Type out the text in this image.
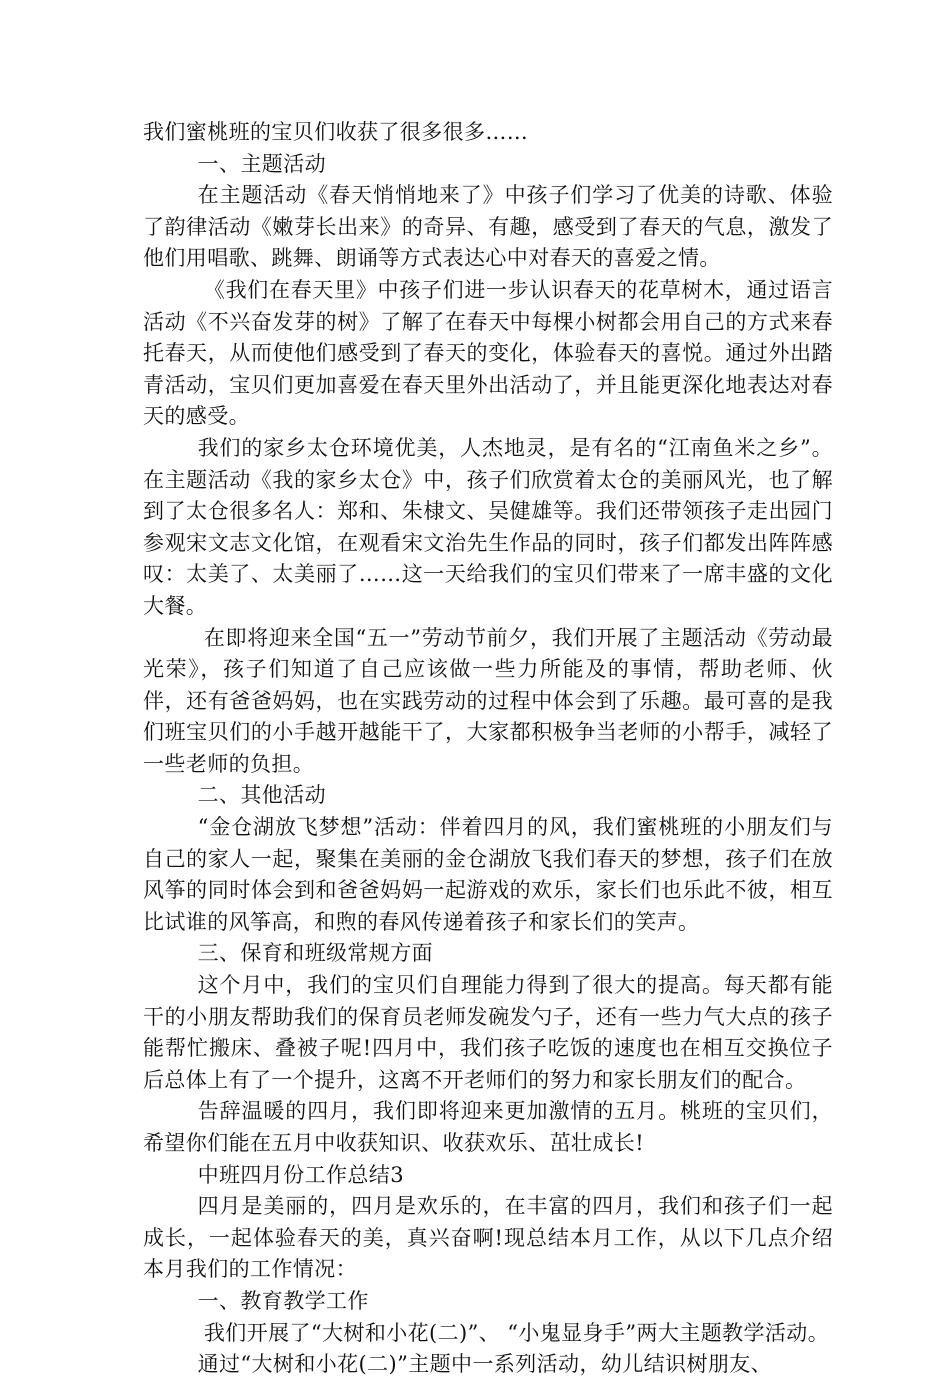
我们蜜桃班的宝贝们收获了很多很多……

一、主题活动

在主题活动《春天悄悄地来了》中孩子们学习了优美的诗歌、体验了韵律活动《嫩芽长出来》的奇异、有趣，感受到了春天的气息，激发了他们用唱歌、跳舞、朗诵等方式表达心中对春天的喜爱之情。

《我们在春天里》中孩子们进一步认识春天的花草树木，通过语言活动《不兴奋发芽的树》了解了在春天中每棵小树都会用自己的方式来春托春天，从而使他们感受到了春天的变化，体验春天的喜悦。通过外出踏青活动，宝贝们更加喜爱在春天里外出活动了，并且能更深化地表达对春天的感受。

我们的家乡太仓环境优美，人杰地灵，是有名的“江南鱼米之乡”。在主题活动《我的家乡太仓》中，孩子们欣赏着太仓的美丽风光，也了解到了太仓很多名人：郑和、朱棣文、吴健雄等。我们还带领孩子走出园门参观宋文志文化馆，在观看宋文治先生作品的同时，孩子们都发出阵阵感叹：太美了、太美丽了……这一天给我们的宝贝们带来了一席丰盛的文化大餐。

在即将迎来全国“五一”劳动节前夕，我们开展了主题活动《劳动最光荣》，孩子们知道了自己应该做一些力所能及的事情，帮助老师、伙伴，还有爸爸妈妈，也在实践劳动的过程中体会到了乐趣。最可喜的是我们班宝贝们的小手越开越能干了，大家都积极争当老师的小帮手，减轻了一些老师的负担。

二、其他活动

“金仓湖放飞梦想”活动：伴着四月的风，我们蜜桃班的小朋友们与自己的家人一起，聚集在美丽的金仓湖放飞我们春天的梦想，孩子们在放风筝的同时体会到和爸爸妈妈一起游戏的欢乐，家长们也乐此不彼，相互比试谁的风筝高，和煦的春风传递着孩子和家长们的笑声。

三、保育和班级常规方面

这个月中，我们的宝贝们自理能力得到了很大的提高。每天都有能干的小朋友帮助我们的保育员老师发碗发勺子，还有一些力气大点的孩子能帮忙搬床、叠被子呢!四月中，我们孩子吃饭的速度也在相互交换位子后总体上有了一个提升，这离不开老师们的努力和家长朋友们的配合。

告辞温暖的四月，我们即将迎来更加激情的五月。桃班的宝贝们，希望你们能在五月中收获知识、收获欢乐、茁壮成长!

中班四月份工作总结3

四月是美丽的，四月是欢乐的，在丰富的四月，我们和孩子们一起成长，一起体验春天的美，真兴奋啊!现总结本月工作，从以下几点介绍本月我们的工作情况：

一、教育教学工作

我们开展了“大树和小花(二)”、 “小鬼显身手”两大主题教学活动。

通过“大树和小花(二)”主题中一系列活动，幼儿结识树朋友、
